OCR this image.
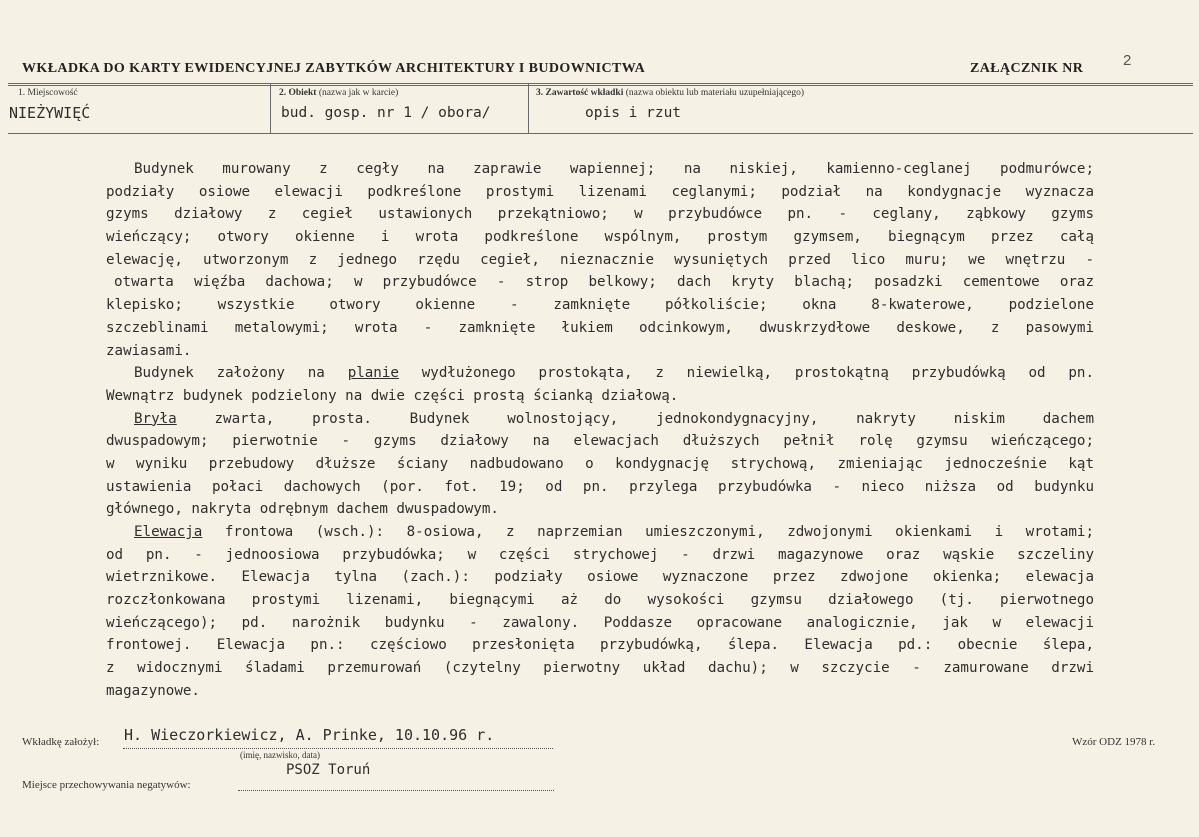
WKŁADKA DO KARTY EWIDENCYJNEJ ZABYTKÓW ARCHITEKTURY I BUDOWNICTWA	ZAŁĄCZNIK NR	2
1. Miejscowość
NIEŻYWIĘĆ
2. Obiekt (nazwa jak w karcie)
bud. gosp. nr 1 / obora/
3. Zawartość wkładki (nazwa obiektu lub materiału uzupełniającego)
opis i rzut
Budynek murowany z cegły na zaprawie wapiennej; na niskiej, kamienno-ceglanej podmurówce;
podziały osiowe elewacji podkreślone prostymi lizenami ceglanymi; podział na kondygnacje wyznacza
gzyms działowy z cegieł ustawionych przekątniowo; w przybudówce pn. - ceglany, ząbkowy gzyms
wieńczący; otwory okienne i wrota podkreślone wspólnym, prostym gzymsem, biegnącym przez całą
elewację, utworzonym z jednego rzędu cegieł, nieznacznie wysuniętych przed lico muru; we wnętrzu -
otwarta więźba dachowa; w przybudówce - strop belkowy; dach kryty blachą; posadzki cementowe oraz
klepisko; wszystkie otwory okienne - zamknięte półkoliście; okna 8-kwaterowe, podzielone
szczeblinami metalowymi; wrota - zamknięte łukiem odcinkowym, dwuskrzydłowe deskowe, z pasowymi
zawiasami.
Budynek założony na planie wydłużonego prostokąta, z niewielką, prostokątną przybudówką od pn.
Wewnątrz budynek podzielony na dwie części prostą ścianką działową.
Bryła	zwarta, prosta. Budynek wolnostojący, jednokondygnacyjny, nakryty niskim dachem
dwuspadowym; pierwotnie - gzyms działowy na elewacjach dłuższych pełnił rolę gzymsu wieńczącego;
w wyniku przebudowy dłuższe ściany nadbudowano o kondygnację strychową, zmieniając jednocześnie kąt
ustawienia połaci dachowych (por. fot. 19; od pn. przylega przybudówka - nieco niższa od budynku
głównego, nakryta odrębnym dachem dwuspadowym.
Elewacja frontowa (wsch.): 8-osiowa, z naprzemian umieszczonymi, zdwojonymi okienkami i wrotami;
od pn. - jednoosiowa przybudówka; w części strychowej - drzwi magazynowe oraz wąskie szczeliny
wietrznikowe. Elewacja tylna (zach.): podziały osiowe wyznaczone przez zdwojone okienka; elewacja
rozczłonkowana prostymi lizenami, biegnącymi aż do wysokości gzymsu działowego (tj. pierwotnego
wieńczącego); pd. narożnik budynku - zawalony. Poddasze opracowane analogicznie, jak w elewacji
frontowej. Elewacja pn.: częściowo przesłonięta przybudówką, ślepa. Elewacja pd.: obecnie ślepa,
z widocznymi śladami przemurowań (czytelny pierwotny układ dachu); w szczycie - zamurowane drzwi
magazynowe.
Wkładkę założył: H. Wieczorkiewicz, A. Prinke, 10.10.96 r.
(imię, nazwisko, data)
PSOZ Toruń
Miejsce przechowywania negatywów:
Wzór ODZ 1978 r.
